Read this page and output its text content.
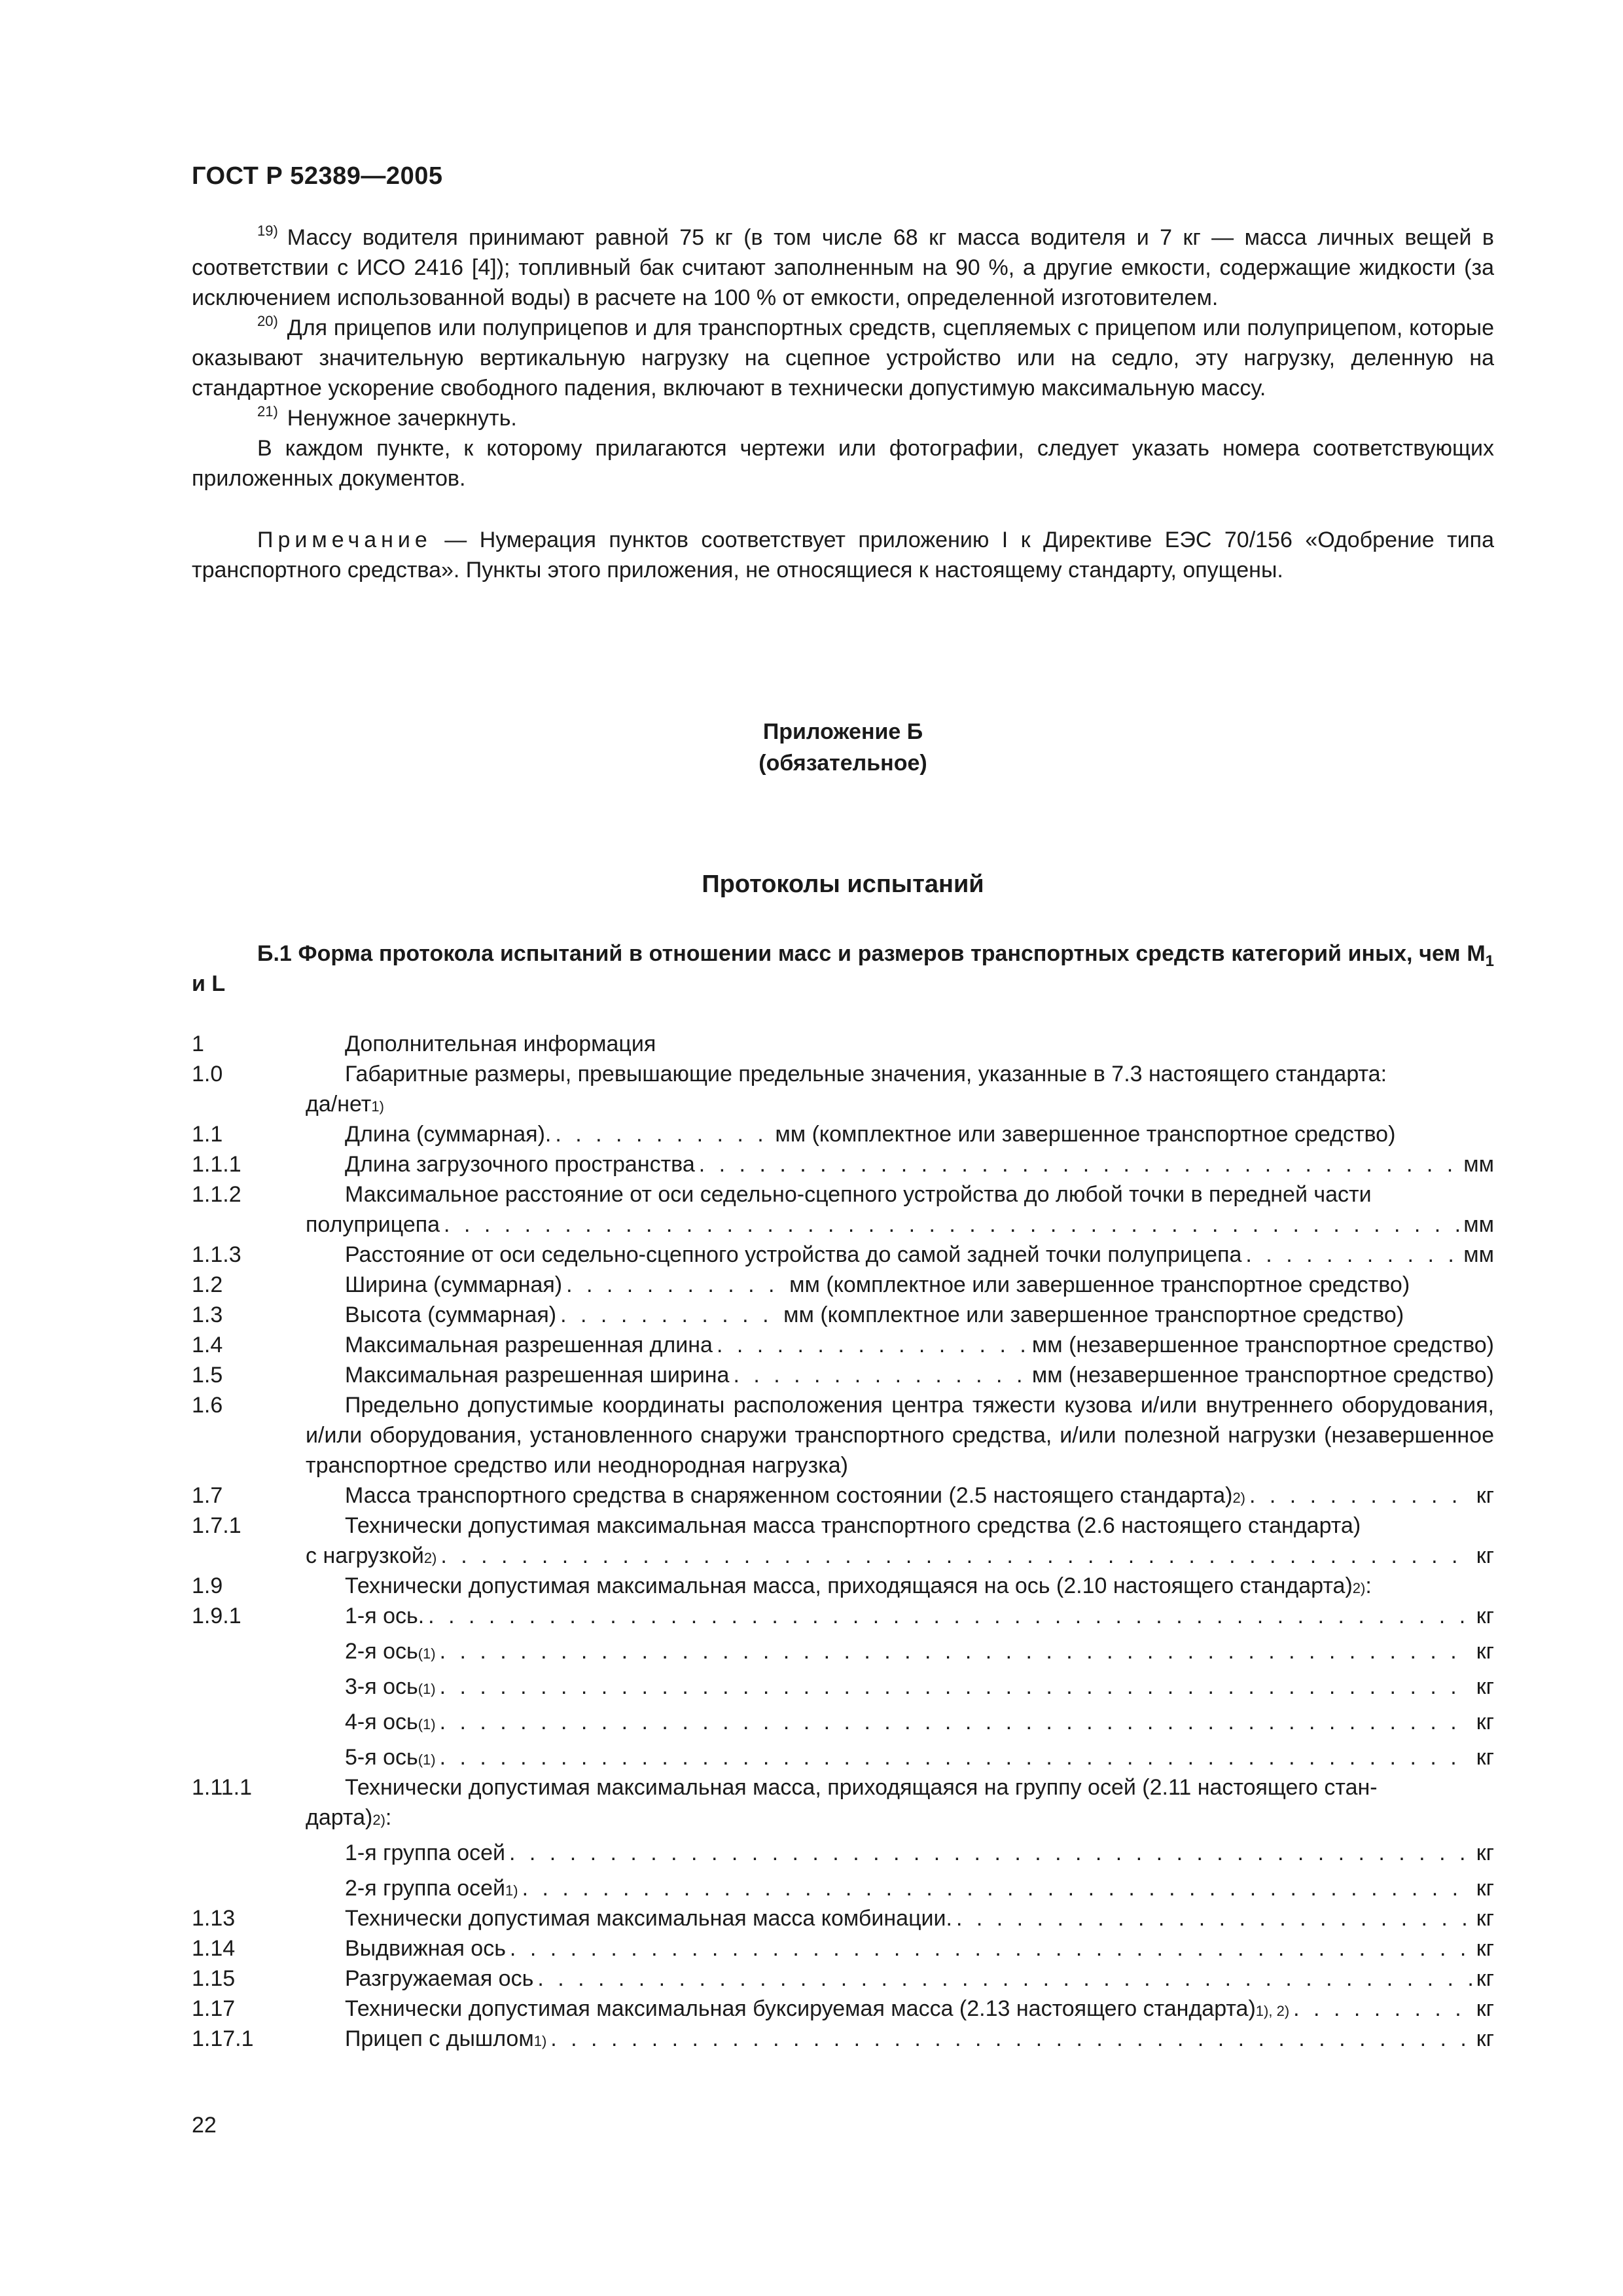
ГОСТ Р 52389—2005

$^{19)}$ Массу водителя принимают равной 75 кг (в том числе 68 кг масса водителя и 7 кг — масса личных вещей в соответствии с ИСО 2416 [4]); топливный бак считают заполненным на 90 %, а другие емкости, содержащие жидкости (за исключением использованной воды) в расчете на 100 % от емкости, определенной изготовителем.

$^{20)}$ Для прицепов или полуприцепов и для транспортных средств, сцепляемых с прицепом или полуприцепом, которые оказывают значительную вертикальную нагрузку на сцепное устройство или на седло, эту нагрузку, деленную на стандартное ускорение свободного падения, включают в технически допустимую максимальную массу.

$^{21)}$ Ненужное зачеркнуть.

В каждом пункте, к которому прилагаются чертежи или фотографии, следует указать номера соответствующих приложенных документов.

Примечание — Нумерация пунктов соответствует приложению I к Директиве ЕЭС 70/156 «Одобрение типа транспортного средства». Пункты этого приложения, не относящиеся к настоящему стандарту, опущены.

Приложение Б
(обязательное)
Протоколы испытаний

Б.1 Форма протокола испытаний в отношении масс и размеров транспортных средств категорий иных, чем $M_1$ и L

1	Дополнительная информация
1.0	Габаритные размеры, превышающие предельные значения, указанные в 7.3 настоящего стандарта:
да/нет 1)
1.1	Длина (суммарная). . . .	мм (комплектное или завершенное транспортное средство)
1.1.1	Длина загрузочного пространства . . .	мм
1.1.2	Максимальное расстояние от оси седельно-сцепного устройства до любой точки в передней части
полуприцепа . . .	мм
1.1.3	Расстояние от оси седельно-сцепного устройства до самой задней точки полуприцепа . . .	мм
1.2	Ширина (суммарная) . . .	мм (комплектное или завершенное транспортное средство)
1.3	Высота (суммарная) . . .	мм (комплектное или завершенное транспортное средство)
1.4	Максимальная разрешенная длина . . .	мм (незавершенное транспортное средство)
1.5	Максимальная разрешенная ширина . . .	мм (незавершенное транспортное средство)
1.6	Предельно допустимые координаты расположения центра тяжести кузова и/или внутреннего оборудования, и/или оборудования, установленного снаружи транспортного средства, и/или полезной нагрузки (незавершенное транспортное средство или неоднородная нагрузка)
1.7	Масса транспортного средства в снаряженном состоянии (2.5 настоящего стандарта) 2) . . .	кг
1.7.1	Технически допустимая максимальная масса транспортного средства (2.6 настоящего стандарта)
с нагрузкой 2) . . .	кг
1.9	Технически допустимая максимальная масса, приходящаяся на ось (2.10 настоящего стандарта) 2) :
1.9.1	1-я ось. . . .	кг
2-я ось (1) . . .	кг
3-я ось (1) . . .	кг
4-я ось (1) . . .	кг
5-я ось (1) . . .	кг
1.11.1	Технически допустимая максимальная масса, приходящаяся на группу осей (2.11 настоящего стан-
дарта) 2) :
1-я группа осей . . .	кг
2-я группа осей 1) . . .	кг
1.13	Технически допустимая максимальная масса комбинации. . . .	кг
1.14	Выдвижная ось . . .	кг
1.15	Разгружаемая ось . . .	кг
1.17	Технически допустимая максимальная буксируемая масса (2.13 настоящего стандарта) 1), 2) . . .	кг
1.17.1	Прицеп с дышлом 1) . . .	кг
22
